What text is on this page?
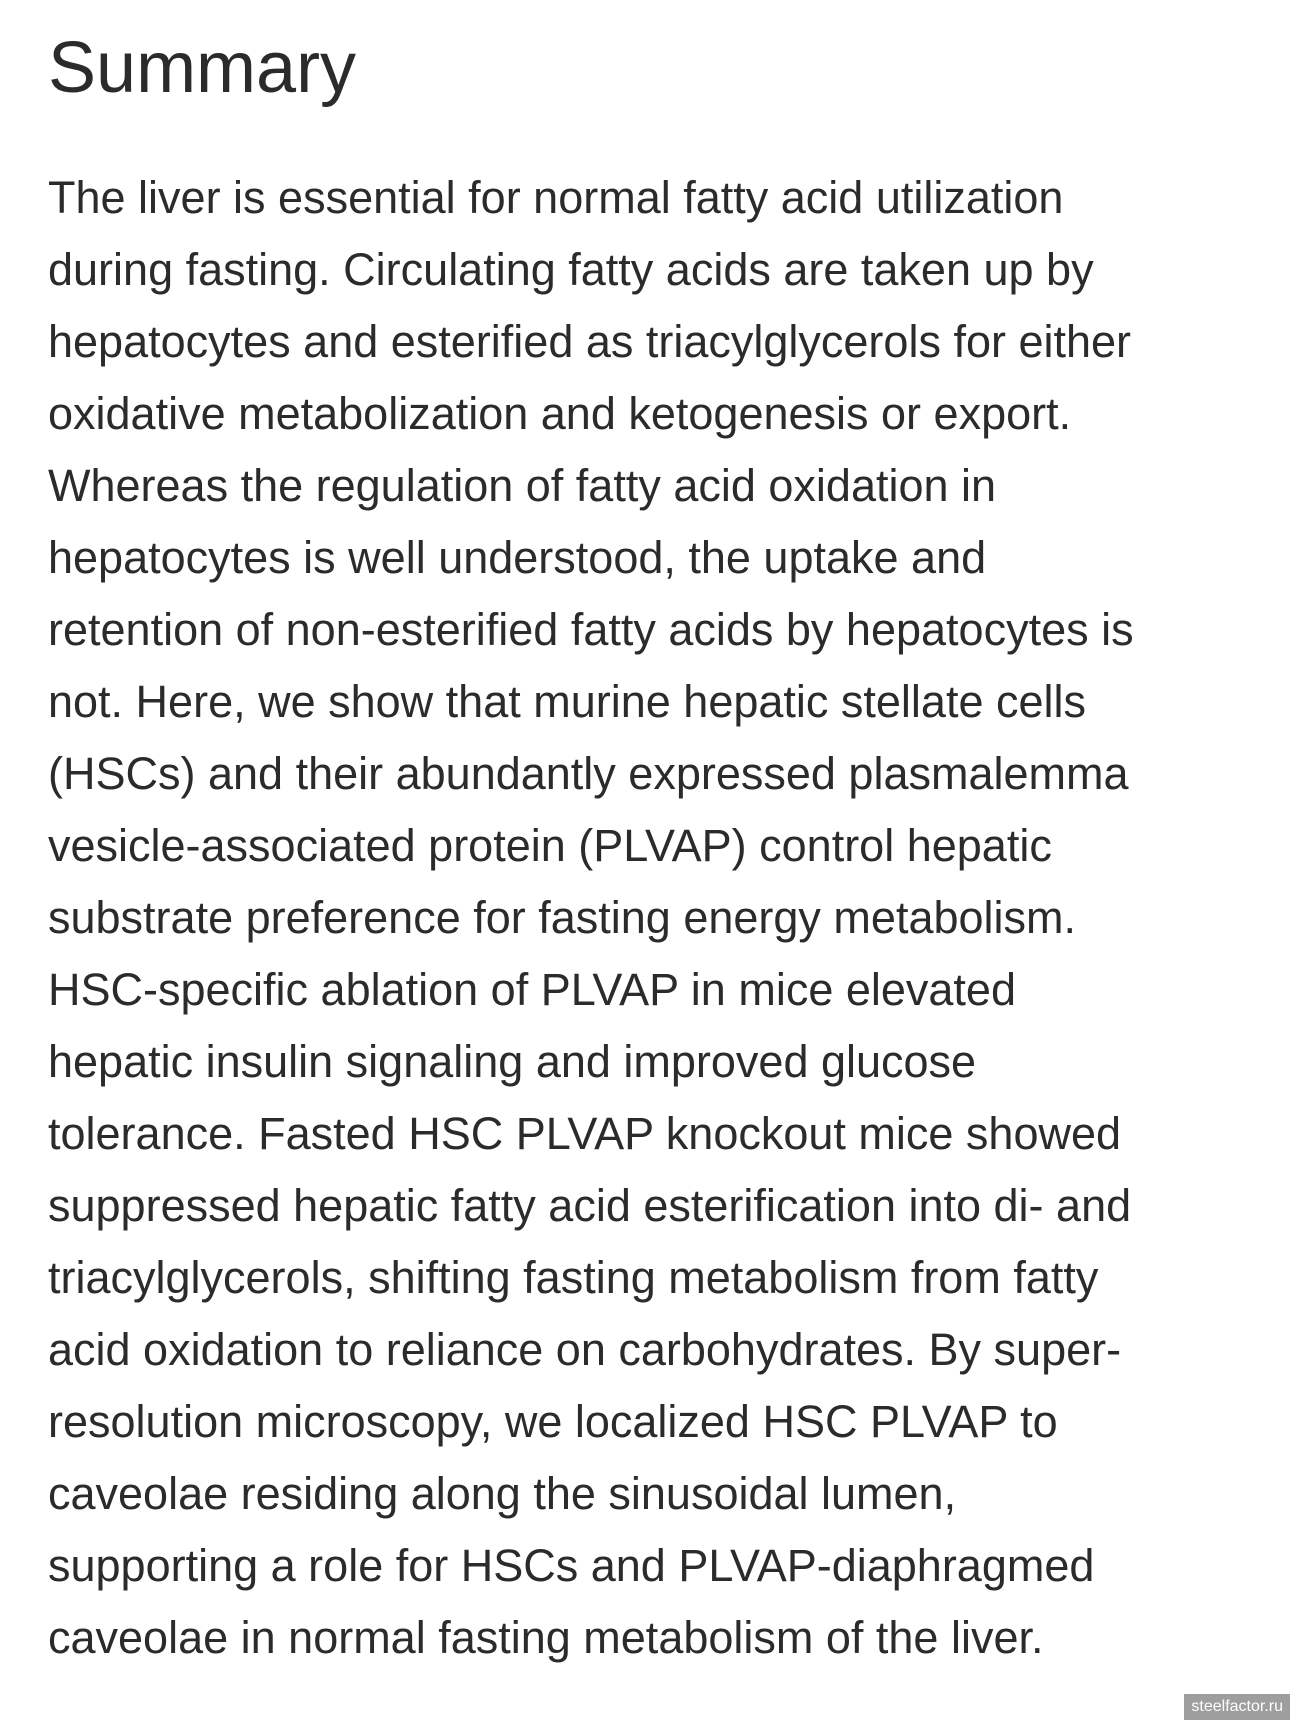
Summary
The liver is essential for normal fatty acid utilization
during fasting. Circulating fatty acids are taken up by
hepatocytes and esterified as triacylglycerols for either
oxidative metabolization and ketogenesis or export.
Whereas the regulation of fatty acid oxidation in
hepatocytes is well understood, the uptake and
retention of non-esterified fatty acids by hepatocytes is
not. Here, we show that murine hepatic stellate cells
(HSCs) and their abundantly expressed plasmalemma
vesicle-associated protein (PLVAP) control hepatic
substrate preference for fasting energy metabolism.
HSC-specific ablation of PLVAP in mice elevated
hepatic insulin signaling and improved glucose
tolerance. Fasted HSC PLVAP knockout mice showed
suppressed hepatic fatty acid esterification into di- and
triacylglycerols, shifting fasting metabolism from fatty
acid oxidation to reliance on carbohydrates. By super-
resolution microscopy, we localized HSC PLVAP to
caveolae residing along the sinusoidal lumen,
supporting a role for HSCs and PLVAP-diaphragmed
caveolae in normal fasting metabolism of the liver.
steelfactor.ru
